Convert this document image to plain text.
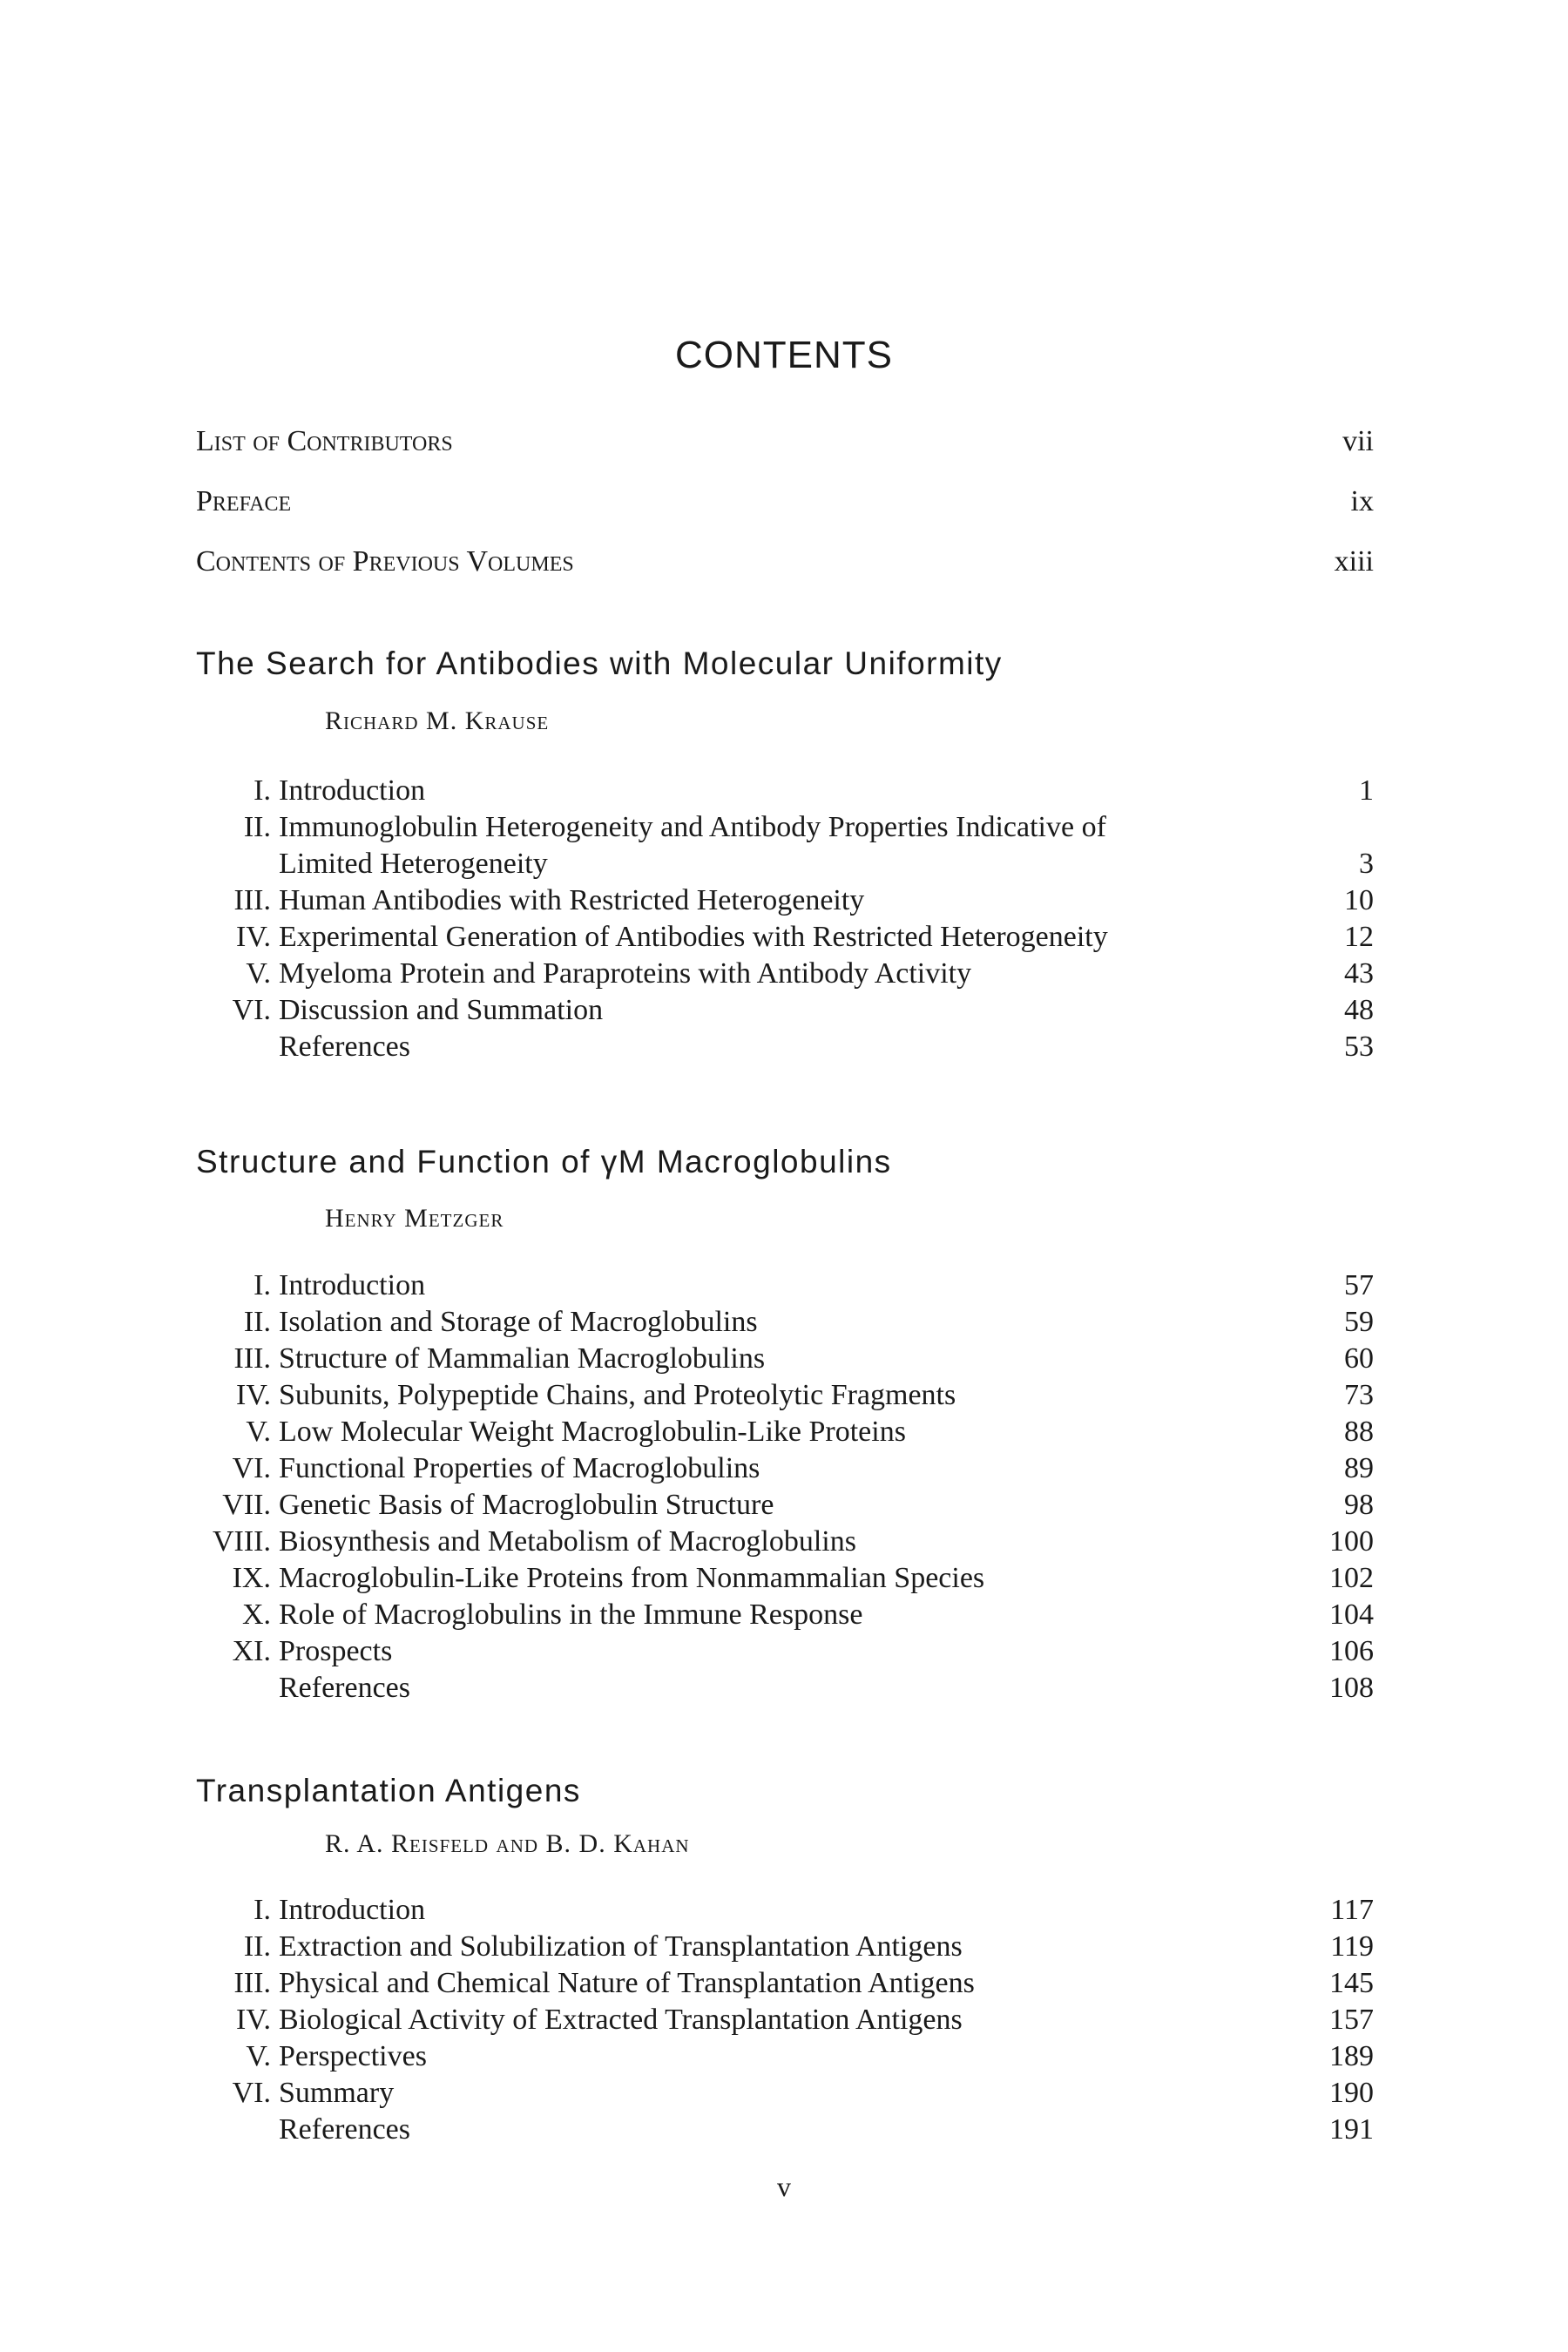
CONTENTS
List of Contributors	vii
Preface	ix
Contents of Previous Volumes	xiii
The Search for Antibodies with Molecular Uniformity
Richard M. Krause
I. Introduction	1
II. Immunoglobulin Heterogeneity and Antibody Properties Indicative of
Limited Heterogeneity	3
III. Human Antibodies with Restricted Heterogeneity	10
IV. Experimental Generation of Antibodies with Restricted Heterogeneity	12
V. Myeloma Protein and Paraproteins with Antibody Activity	43
VI. Discussion and Summation	48
References	53
Structure and Function of γM Macroglobulins
Henry Metzger
I. Introduction	57
II. Isolation and Storage of Macroglobulins	59
III. Structure of Mammalian Macroglobulins	60
IV. Subunits, Polypeptide Chains, and Proteolytic Fragments	73
V. Low Molecular Weight Macroglobulin-Like Proteins	88
VI. Functional Properties of Macroglobulins	89
VII. Genetic Basis of Macroglobulin Structure	98
VIII. Biosynthesis and Metabolism of Macroglobulins	100
IX. Macroglobulin-Like Proteins from Nonmammalian Species	102
X. Role of Macroglobulins in the Immune Response	104
XI. Prospects	106
References	108
Transplantation Antigens
R. A. Reisfeld and B. D. Kahan
I. Introduction	117
II. Extraction and Solubilization of Transplantation Antigens	119
III. Physical and Chemical Nature of Transplantation Antigens	145
IV. Biological Activity of Extracted Transplantation Antigens	157
V. Perspectives	189
VI. Summary	190
References	191
v
